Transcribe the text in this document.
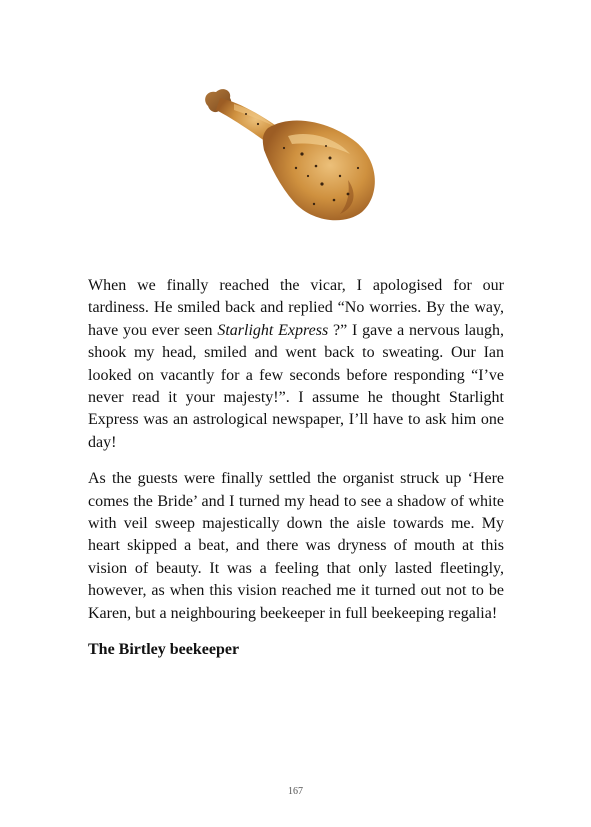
When we finally reached the vicar, I apologised for our tardiness. He smiled back and replied “No worries. By the way, have you ever seen Starlight Express ?” I gave a nervous laugh, shook my head, smiled and went back to sweating. Our Ian looked on vacantly for a few seconds before responding “I’ve never read it your majesty!”. I assume he thought Starlight Express was an astrological newspaper, I’ll have to ask him one day!

As the guests were finally settled the organist struck up ‘Here comes the Bride’ and I turned my head to see a shadow of white with veil sweep majestically down the aisle towards me. My heart skipped a beat, and there was dryness of mouth at this vision of beauty. It was a feeling that only lasted fleetingly, however, as when this vision reached me it turned out not to be Karen, but a neighbouring beekeeper in full beekeeping regalia!

The Birtley beekeeper

167
